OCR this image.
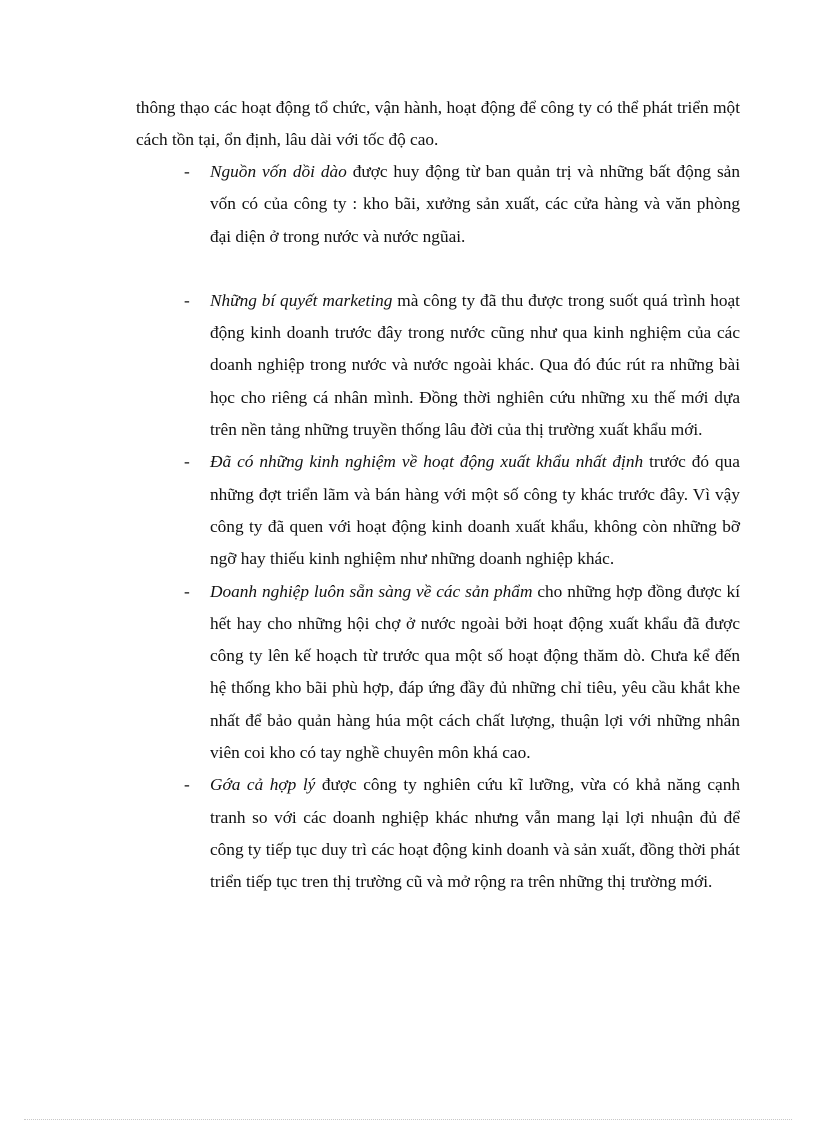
thông thạo các hoạt động tổ chức, vận hành, hoạt động để công ty có thể phát triển một cách tồn tại, ổn định, lâu dài với tốc độ cao.

- Nguồn vốn dồi dào được huy động từ ban quản trị và những bất động sản vốn có của công ty : kho bãi, xưởng sản xuất, các cửa hàng và văn phòng đại diện ở trong nước và nước ngũai.
- Những bí quyết marketing mà công ty đã thu được trong suốt quá trình hoạt động kinh doanh trước đây trong nước cũng như qua kinh nghiệm của các doanh nghiệp trong nước và nước ngoài khác. Qua đó đúc rút ra những bài học cho riêng cá nhân mình. Đồng thời nghiên cứu những xu thế mới dựa trên nền tảng những truyền thống lâu đời của thị trường xuất khẩu mới.
- Đã có những kinh nghiệm về hoạt động xuất khẩu nhất định trước đó qua những đợt triển lãm và bán hàng với một số công ty khác trước đây. Vì vậy công ty đã quen với hoạt động kinh doanh xuất khẩu, không còn những bỡ ngỡ hay thiếu kinh nghiệm như những doanh nghiệp khác.
- Doanh nghiệp luôn sẵn sàng về các sản phẩm cho những hợp đồng được kí hết hay cho những hội chợ ở nước ngoài bởi hoạt động xuất khẩu đã được công ty lên kế hoạch từ trước qua một số hoạt động thăm dò. Chưa kể đến hệ thống kho bãi phù hợp, đáp ứng đầy đủ những chỉ tiêu, yêu cầu khắt khe nhất để bảo quản hàng húa một cách chất lượng, thuận lợi với những nhân viên coi kho có tay nghề chuyên môn khá cao.
- Gớa cả hợp lý được công ty nghiên cứu kĩ lưỡng, vừa có khả năng cạnh tranh so với các doanh nghiệp khác nhưng vẫn mang lại lợi nhuận đủ để công ty tiếp tục duy trì các hoạt động kinh doanh và sản xuất, đồng thời phát triển tiếp tục tren thị trường cũ và mở rộng ra trên những thị trường mới.
